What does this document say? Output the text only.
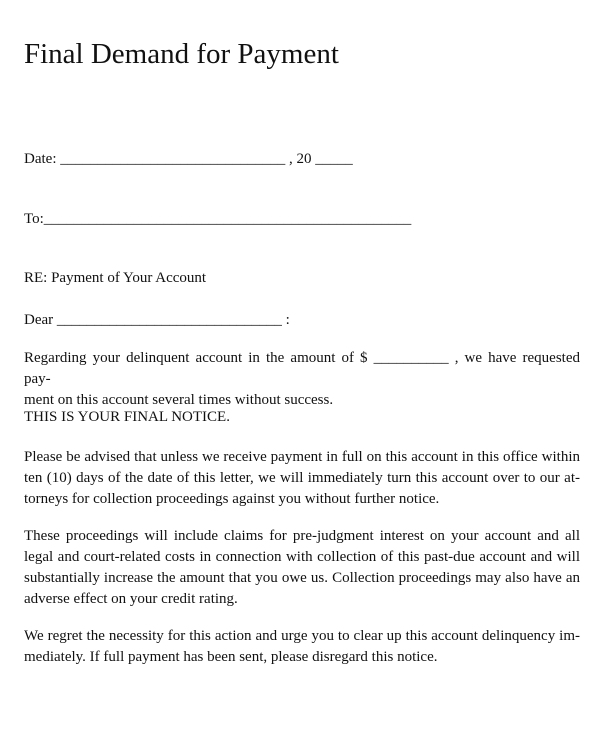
Final Demand for Payment
Date: ______________________________ , 20 _____
To:_________________________________________________
RE: Payment of Your Account
Dear ______________________________ :
Regarding your delinquent account in the amount of $ __________ , we have requested pay-
ment on this account several times without success.
THIS IS YOUR FINAL NOTICE.
Please be advised that unless we receive payment in full on this account in this office within
ten (10) days of the date of this letter, we will immediately turn this account over to our at-
torneys for collection proceedings against you without further notice.
These proceedings will include claims for pre-judgment interest on your account and all
legal and court-related costs in connection with collection of this past-due account and will
substantially increase the amount that you owe us. Collection proceedings may also have an
adverse effect on your credit rating.
We regret the necessity for this action and urge you to clear up this account delinquency im-
mediately. If full payment has been sent, please disregard this notice.
